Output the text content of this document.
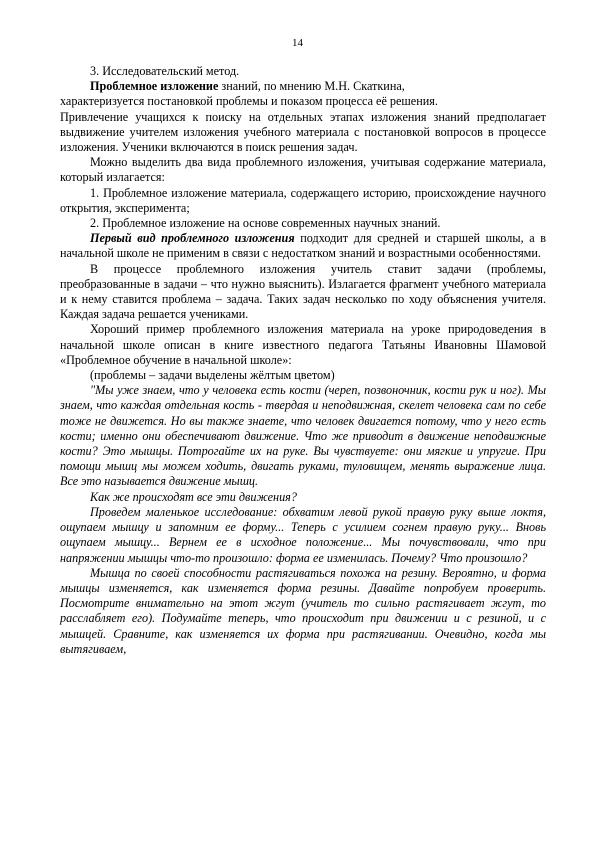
14

3. Исследовательский метод.

Проблемное изложение знаний, по мнению М.Н. Скаткина,

характеризуется постановкой проблемы и показом процесса её решения.

Привлечение учащихся к поиску на отдельных этапах изложения знаний предполагает выдвижение учителем изложения учебного материала с постановкой вопросов в процессе изложения. Ученики включаются в поиск решения задач.

Можно выделить два вида проблемного изложения, учитывая содержание материала, который излагается:

1. Проблемное изложение материала, содержащего историю, происхождение научного открытия, эксперимента;

2. Проблемное изложение на основе современных научных знаний.

Первый вид проблемного изложения подходит для средней и старшей школы, а в начальной школе не применим в связи с недостатком знаний и возрастными особенностями.

В процессе проблемного изложения учитель ставит задачи (проблемы, преобразованные в задачи – что нужно выяснить). Излагается фрагмент учебного материала и к нему ставится проблема – задача. Таких задач несколько по ходу объяснения учителя. Каждая задача решается учениками.

Хороший пример проблемного изложения материала на уроке природоведения в начальной школе описан в книге известного педагога Татьяны Ивановны Шамовой «Проблемное обучение в начальной школе»:

(проблемы – задачи выделены жёлтым цветом)

"Мы уже знаем, что у человека есть кости (череп, позвоночник, кости рук и ног). Мы знаем, что каждая отдельная кость - твердая и неподвижная, скелет человека сам по себе тоже не движется. Но вы также знаете, что человек двигается потому, что у него есть кости; именно они обеспечивают движение. Что же приводит в движение неподвижные кости? Это мышцы. Потрогайте их на руке. Вы чувствуете: они мягкие и упругие. При помощи мышц мы можем ходить, двигать руками, туловищем, менять выражение лица. Все это называется движение мышц.

Как же происходят все эти движения?

Проведем маленькое исследование: обхватим левой рукой правую руку выше локтя, ощупаем мышцу и запомним ее форму... Теперь с усилием согнем правую руку... Вновь ощупаем мышцу... Вернем ее в исходное положение... Мы почувствовали, что при напряжении мышцы что-то произошло: форма ее изменилась. Почему? Что произошло?

Мышца по своей способности растягиваться похожа на резину. Вероятно, и форма мышцы изменяется, как изменяется форма резины. Давайте попробуем проверить. Посмотрите внимательно на этот жгут (учитель то сильно растягивает жгут, то расслабляет его). Подумайте теперь, что происходит при движении и с резиной, и с мышцей. Сравните, как изменяется их форма при растягивании. Очевидно, когда мы вытягиваем,
